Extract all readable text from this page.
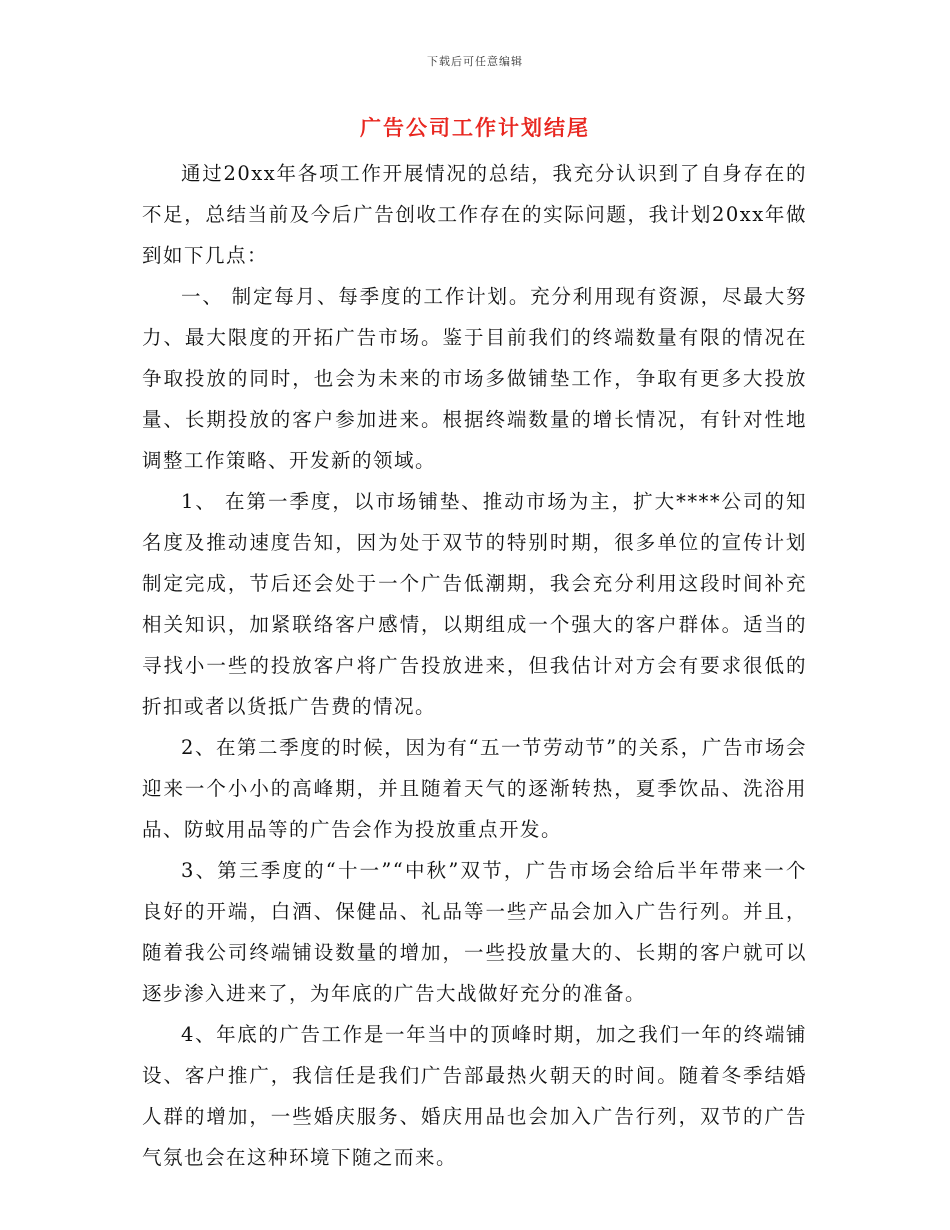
下载后可任意编辑
广告公司工作计划结尾

通过20xx年各项工作开展情况的总结，我充分认识到了自身存在的不足，总结当前及今后广告创收工作存在的实际问题，我计划20xx年做到如下几点：

一、 制定每月、每季度的工作计划。充分利用现有资源，尽最大努力、最大限度的开拓广告市场。鉴于目前我们的终端数量有限的情况在争取投放的同时，也会为未来的市场多做铺垫工作，争取有更多大投放量、长期投放的客户参加进来。根据终端数量的增长情况，有针对性地调整工作策略、开发新的领域。

1、 在第一季度，以市场铺垫、推动市场为主，扩大****公司的知名度及推动速度告知，因为处于双节的特别时期，很多单位的宣传计划制定完成，节后还会处于一个广告低潮期，我会充分利用这段时间补充相关知识，加紧联络客户感情，以期组成一个强大的客户群体。适当的寻找小一些的投放客户将广告投放进来，但我估计对方会有要求很低的折扣或者以货抵广告费的情况。

2、在第二季度的时候，因为有“五一节劳动节”的关系，广告市场会迎来一个小小的高峰期，并且随着天气的逐渐转热，夏季饮品、洗浴用品、防蚊用品等的广告会作为投放重点开发。

3、第三季度的“十一”“中秋”双节，广告市场会给后半年带来一个良好的开端，白酒、保健品、礼品等一些产品会加入广告行列。并且，随着我公司终端铺设数量的增加，一些投放量大的、长期的客户就可以逐步渗入进来了，为年底的广告大战做好充分的准备。

4、年底的广告工作是一年当中的顶峰时期，加之我们一年的终端铺设、客户推广，我信任是我们广告部最热火朝天的时间。随着冬季结婚人群的增加，一些婚庆服务、婚庆用品也会加入广告行列，双节的广告气氛也会在这种环境下随之而来。
